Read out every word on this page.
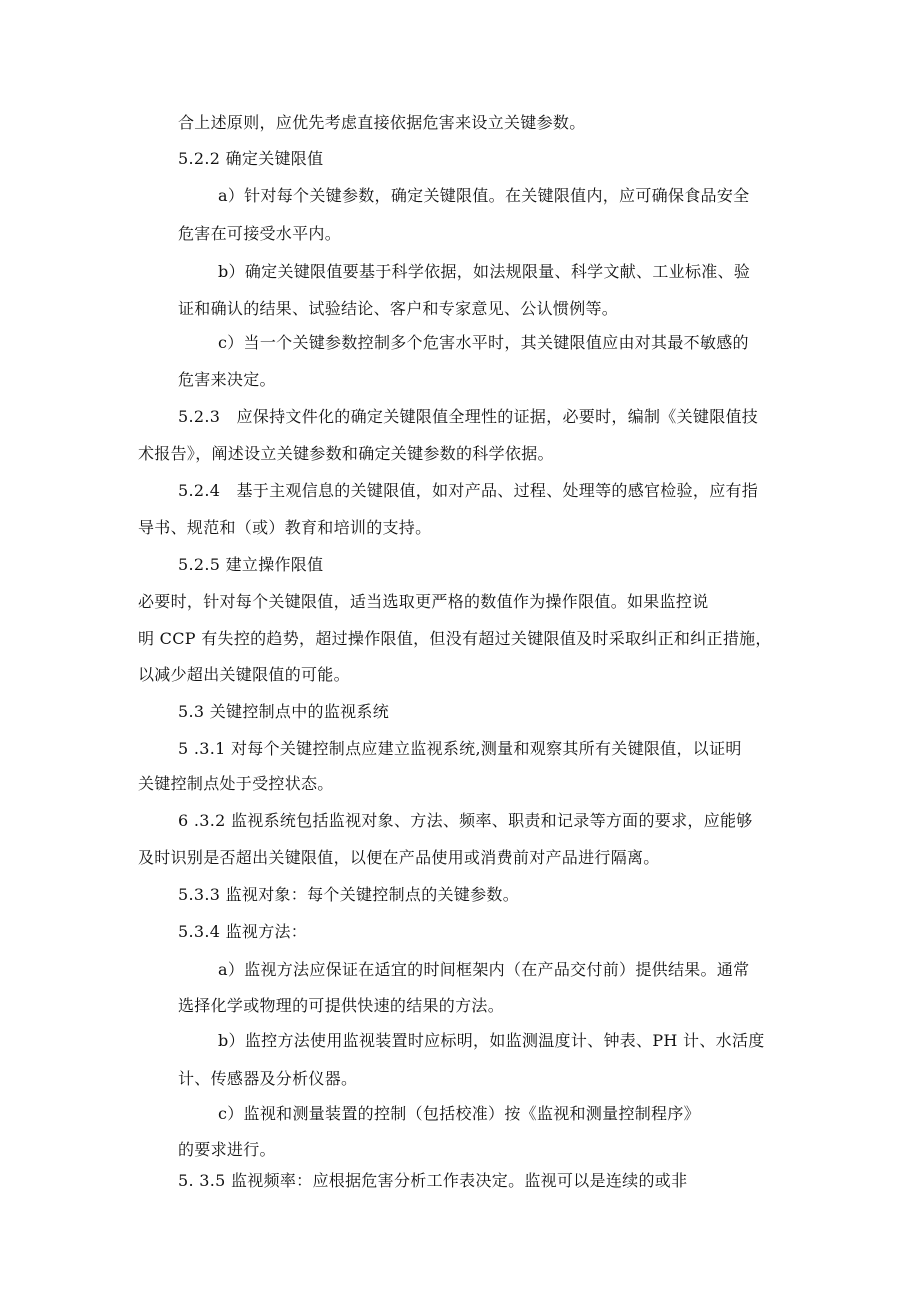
合上述原则，应优先考虑直接依据危害来设立关键参数。
5.2.2 确定关键限值
a）针对每个关键参数，确定关键限值。在关键限值内，应可确保食品安全
危害在可接受水平内。
b）确定关键限值要基于科学依据，如法规限量、科学文献、工业标准、验
证和确认的结果、试验结论、客户和专家意见、公认惯例等。
c）当一个关键参数控制多个危害水平时，其关键限值应由对其最不敏感的
危害来决定。
5.2.3　应保持文件化的确定关键限值全理性的证据，必要时，编制《关键限值技
术报告》，阐述设立关键参数和确定关键参数的科学依据。
5.2.4　基于主观信息的关键限值，如对产品、过程、处理等的感官检验，应有指
导书、规范和（或）教育和培训的支持。
5.2.5 建立操作限值
必要时，针对每个关键限值，适当选取更严格的数值作为操作限值。如果监控说
明 CCP 有失控的趋势，超过操作限值，但没有超过关键限值及时采取纠正和纠正措施，
以减少超出关键限值的可能。
5.3 关键控制点中的监视系统
5 .3.1 对每个关键控制点应建立监视系统,测量和观察其所有关键限值，以证明
关键控制点处于受控状态。
6 .3.2 监视系统包括监视对象、方法、频率、职责和记录等方面的要求，应能够
及时识别是否超出关键限值，以便在产品使用或消费前对产品进行隔离。
5.3.3 监视对象：每个关键控制点的关键参数。
5.3.4 监视方法：
a）监视方法应保证在适宜的时间框架内（在产品交付前）提供结果。通常
选择化学或物理的可提供快速的结果的方法。
b）监控方法使用监视装置时应标明，如监测温度计、钟表、PH 计、水活度
计、传感器及分析仪器。
c）监视和测量装置的控制（包括校准）按《监视和测量控制程序》
的要求进行。
5. 3.5 监视频率：应根据危害分析工作表决定。监视可以是连续的或非
